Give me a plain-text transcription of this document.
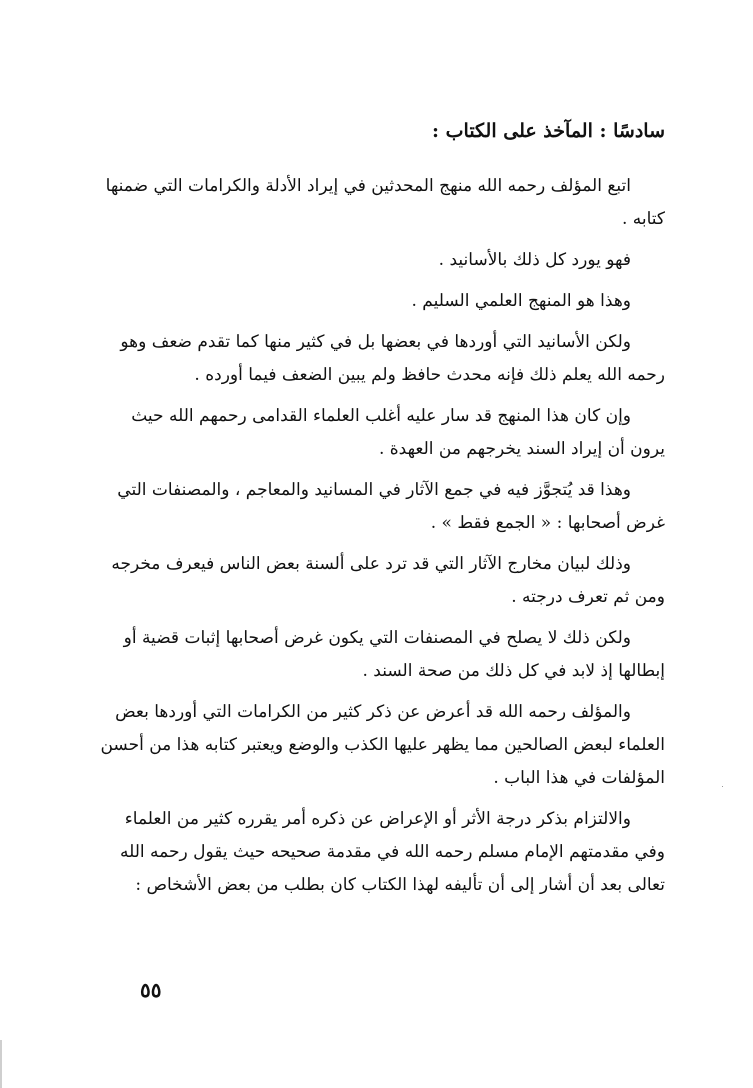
سادسًا : المآخذ على الكتاب :

اتبع المؤلف رحمه الله منهج المحدثين في إيراد الأدلة والكرامات التي ضمنها كتابه .

فهو يورد كل ذلك بالأسانيد .

وهذا هو المنهج العلمي السليم .

ولكن الأسانيد التي أوردها في بعضها بل في كثير منها كما تقدم ضعف وهو رحمه الله يعلم ذلك فإنه محدث حافظ ولم يبين الضعف فيما أورده .

وإن كان هذا المنهج قد سار عليه أغلب العلماء القدامى رحمهم الله حيث يرون أن إيراد السند يخرجهم من العهدة .

وهذا قد يُتجوَّز فيه في جمع الآثار في المسانيد والمعاجم ، والمصنفات التي غرض أصحابها : « الجمع فقط » .

وذلك لبيان مخارج الآثار التي قد ترد على ألسنة بعض الناس فيعرف مخرجه ومن ثم تعرف درجته .

ولكن ذلك لا يصلح في المصنفات التي يكون غرض أصحابها إثبات قضية أو إبطالها إذ لابد في كل ذلك من صحة السند .

والمؤلف رحمه الله قد أعرض عن ذكر كثير من الكرامات التي أوردها بعض العلماء لبعض الصالحين مما يظهر عليها الكذب والوضع ويعتبر كتابه هذا من أحسن المؤلفات في هذا الباب .

والالتزام بذكر درجة الأثر أو الإعراض عن ذكره أمر يقرره كثير من العلماء وفي مقدمتهم الإمام مسلم رحمه الله في مقدمة صحيحه حيث يقول رحمه الله تعالى بعد أن أشار إلى أن تأليفه لهذا الكتاب كان بطلب من بعض الأشخاص :

٥٥
